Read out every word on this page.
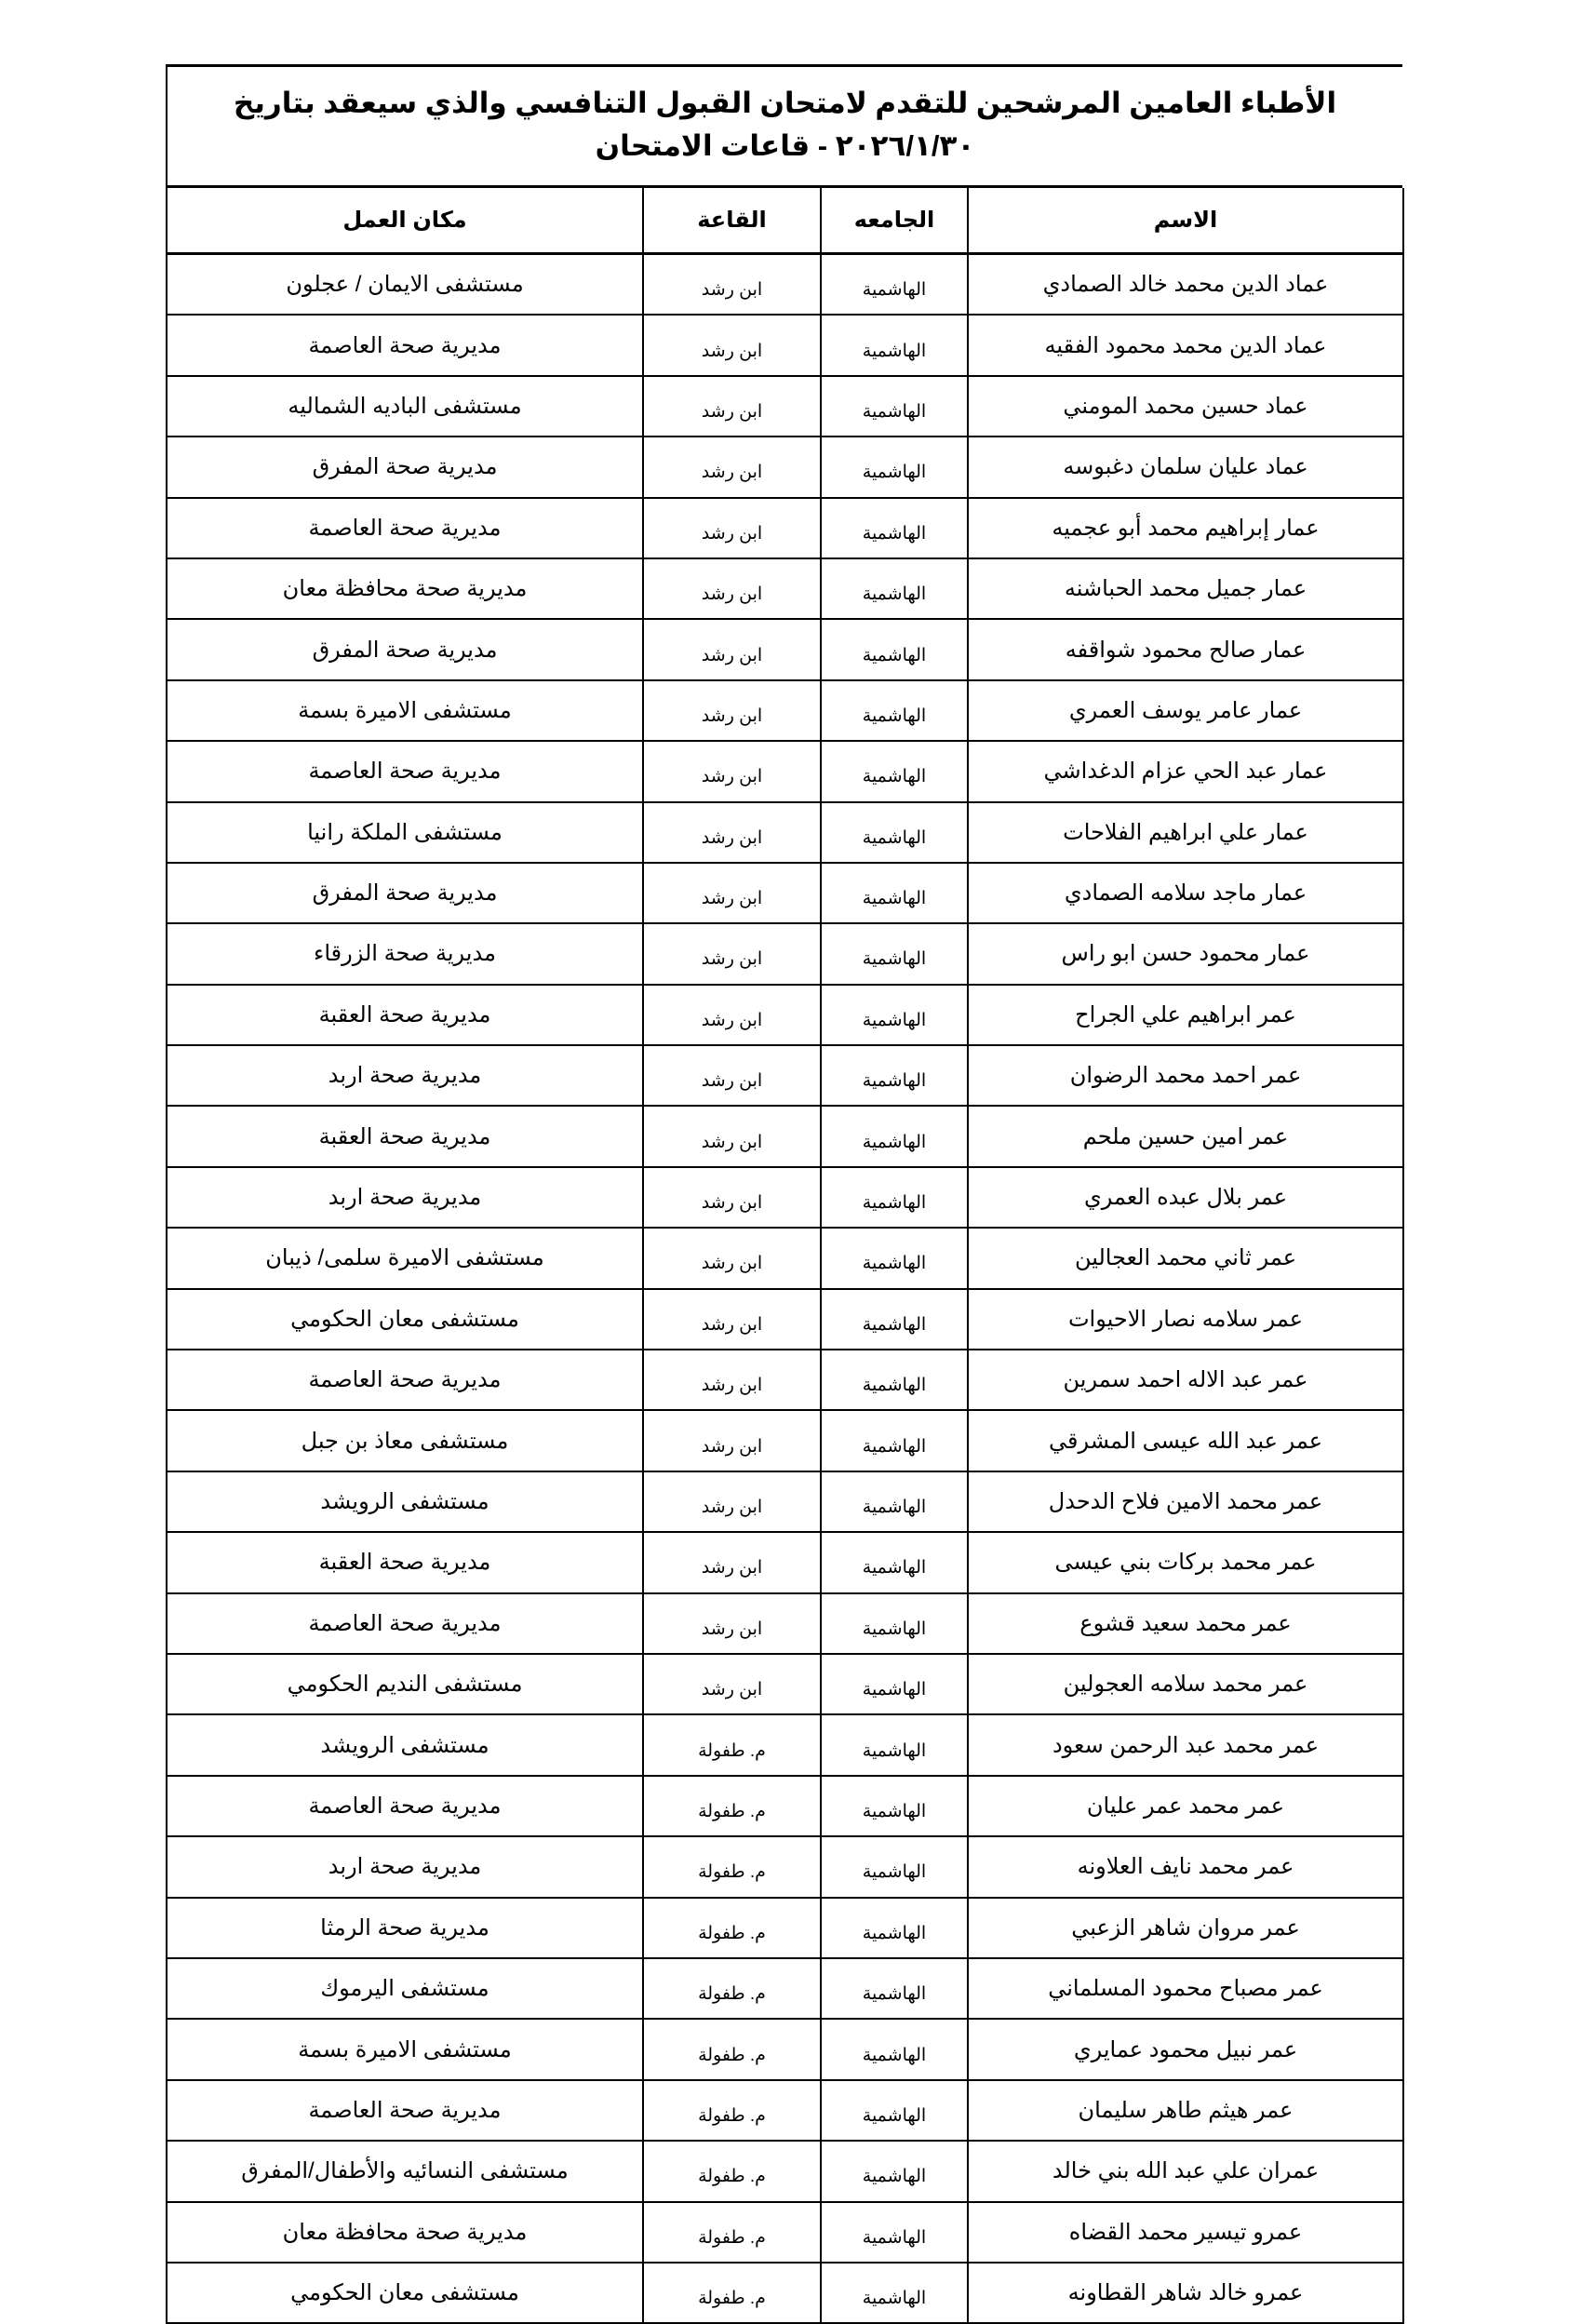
الأطباء العامين المرشحين للتقدم لامتحان القبول التنافسي والذي سيعقد بتاريخ ٢٠٢٦/١/٣٠ - قاعات الامتحان
الاسم	الجامعه	القاعة	مكان العمل
عماد الدين محمد خالد الصمادي	الهاشمية	ابن رشد	مستشفى الايمان / عجلون
عماد الدين محمد محمود الفقيه	الهاشمية	ابن رشد	مديرية صحة العاصمة
عماد حسين محمد المومني	الهاشمية	ابن رشد	مستشفى الباديه الشماليه
عماد عليان سلمان دغبوسه	الهاشمية	ابن رشد	مديرية صحة المفرق
عمار إبراهيم محمد أبو عجميه	الهاشمية	ابن رشد	مديرية صحة العاصمة
عمار جميل محمد الحباشنه	الهاشمية	ابن رشد	مديرية صحة محافظة معان
عمار صالح محمود شواقفه	الهاشمية	ابن رشد	مديرية صحة المفرق
عمار عامر يوسف العمري	الهاشمية	ابن رشد	مستشفى الاميرة بسمة
عمار عبد الحي عزام الدغداشي	الهاشمية	ابن رشد	مديرية صحة العاصمة
عمار علي ابراهيم الفلاحات	الهاشمية	ابن رشد	مستشفى الملكة رانيا
عمار ماجد سلامه الصمادي	الهاشمية	ابن رشد	مديرية صحة المفرق
عمار محمود حسن ابو راس	الهاشمية	ابن رشد	مديرية صحة الزرقاء
عمر ابراهيم علي الجراح	الهاشمية	ابن رشد	مديرية صحة العقبة
عمر احمد محمد الرضوان	الهاشمية	ابن رشد	مديرية صحة اربد
عمر امين حسين ملحم	الهاشمية	ابن رشد	مديرية صحة العقبة
عمر بلال عبده العمري	الهاشمية	ابن رشد	مديرية صحة اربد
عمر ثاني محمد العجالين	الهاشمية	ابن رشد	مستشفى الاميرة سلمى/ ذيبان
عمر سلامه نصار الاحيوات	الهاشمية	ابن رشد	مستشفى معان الحكومي
عمر عبد الاله احمد سمرين	الهاشمية	ابن رشد	مديرية صحة العاصمة
عمر عبد الله عيسى المشرقي	الهاشمية	ابن رشد	مستشفى معاذ بن جبل
عمر محمد الامين فلاح الدحدل	الهاشمية	ابن رشد	مستشفى الرويشد
عمر محمد بركات بني عيسى	الهاشمية	ابن رشد	مديرية صحة العقبة
عمر محمد سعيد قشوع	الهاشمية	ابن رشد	مديرية صحة العاصمة
عمر محمد سلامه العجولين	الهاشمية	ابن رشد	مستشفى النديم الحكومي
عمر محمد عبد الرحمن سعود	الهاشمية	م. طفولة	مستشفى الرويشد
عمر محمد عمر عليان	الهاشمية	م. طفولة	مديرية صحة العاصمة
عمر محمد نايف العلاونه	الهاشمية	م. طفولة	مديرية صحة اربد
عمر مروان شاهر الزعبي	الهاشمية	م. طفولة	مديرية صحة الرمثا
عمر مصباح محمود المسلماني	الهاشمية	م. طفولة	مستشفى اليرموك
عمر نبيل محمود عمايري	الهاشمية	م. طفولة	مستشفى الاميرة بسمة
عمر هيثم طاهر سليمان	الهاشمية	م. طفولة	مديرية صحة العاصمة
عمران علي عبد الله بني خالد	الهاشمية	م. طفولة	مستشفى النسائيه والأطفال/المفرق
عمرو تيسير محمد القضاه	الهاشمية	م. طفولة	مديرية صحة محافظة معان
عمرو خالد شاهر القطاونه	الهاشمية	م. طفولة	مستشفى معان الحكومي
